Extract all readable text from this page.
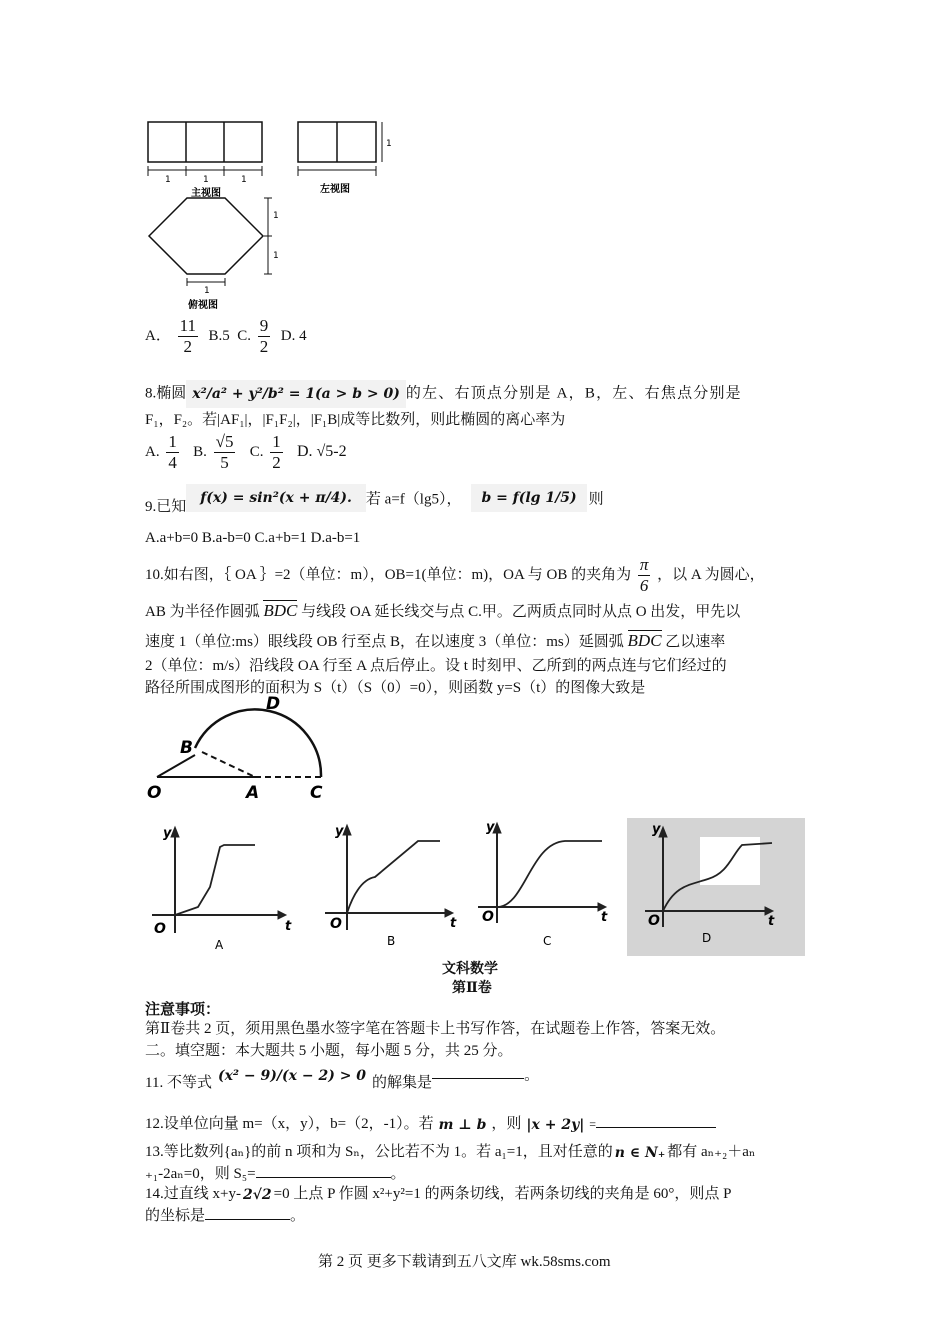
1	1	1
主视图
1
左视图
1
1
1
俯视图
A． $\frac{11}{2} B.5$ C. $\frac{9}{2} D$. 4
8.椭圆 x²/a² + y²/b² = 1(a > b > 0) 的左、右顶点分别是 A，B，左、右焦点分别是
F₁，F₂。若|AF₁|，|F₁F₂|，|F₁B|成等比数列，则此椭圆的离心率为
A. $\frac{1}{4} B$. $\frac{√5}{5} C$. $\frac{1}{2} D$. √5-2
9.已知f(x) = sin²(x + π/4). 若 a=f（lg5）， b = f(lg 1/5) 则
A.a+b=0 B.a-b=0 C.a+b=1 D.a-b=1
10.如右图，｛ OA ｝=2（单位：m），OB=1(单位：m)，OA 与 OB 的夹角为 $\frac{\pi}{6}$ ，以 A 为圆心，
AB 为半径作圆弧 BDC 与线段 OA 延长线交与点 C.甲。乙两质点同时从点 O 出发，甲先以
速度 1（单位:ms）眼线段 OB 行至点 B，在以速度 3（单位：ms）延圆弧 BDC 乙以速率
2（单位：m/s）沿线段 OA 行至 A 点后停止。设 t 时刻甲、乙所到的两点连与它们经过的
路径所围成图形的面积为 S（t）（S（0）=0），则函数 y=S（t）的图像大致是
O	A
B
C
D
y
t
O
A
y
t
O
B
y
t
O
C
y
t
O
D
文科数学
第Ⅱ卷
注意事项：
第Ⅱ卷共 2 页，须用黑色墨水签字笔在答题卡上书写作答，在试题卷上作答，答案无效。
二。填空题：本大题共 5 小题，每小题 5 分，共 25 分。
11. 不等式 (x² − 9)/(x − 2) > 0 的解集是	。
12.设单位向量 m=（x，y），b=（2，-1）。若 m ⊥ b ，则 |x + 2y| =
13.等比数列{aₙ}的前 n 项和为 Sₙ，公比若不为 1。若 a₁=1，且对任意的 n ∈ N₊ 都有 aₙ₊₂＋aₙ
₊₁-2aₙ=0，则 S₅=	。
14.过直线 x+y- 2√2 =0 上点 P 作圆 x²+y²=1 的两条切线，若两条切线的夹角是 60°，则点 P
的坐标是	。
第 2 页 更多下载请到五八文库 wk.58sms.com
